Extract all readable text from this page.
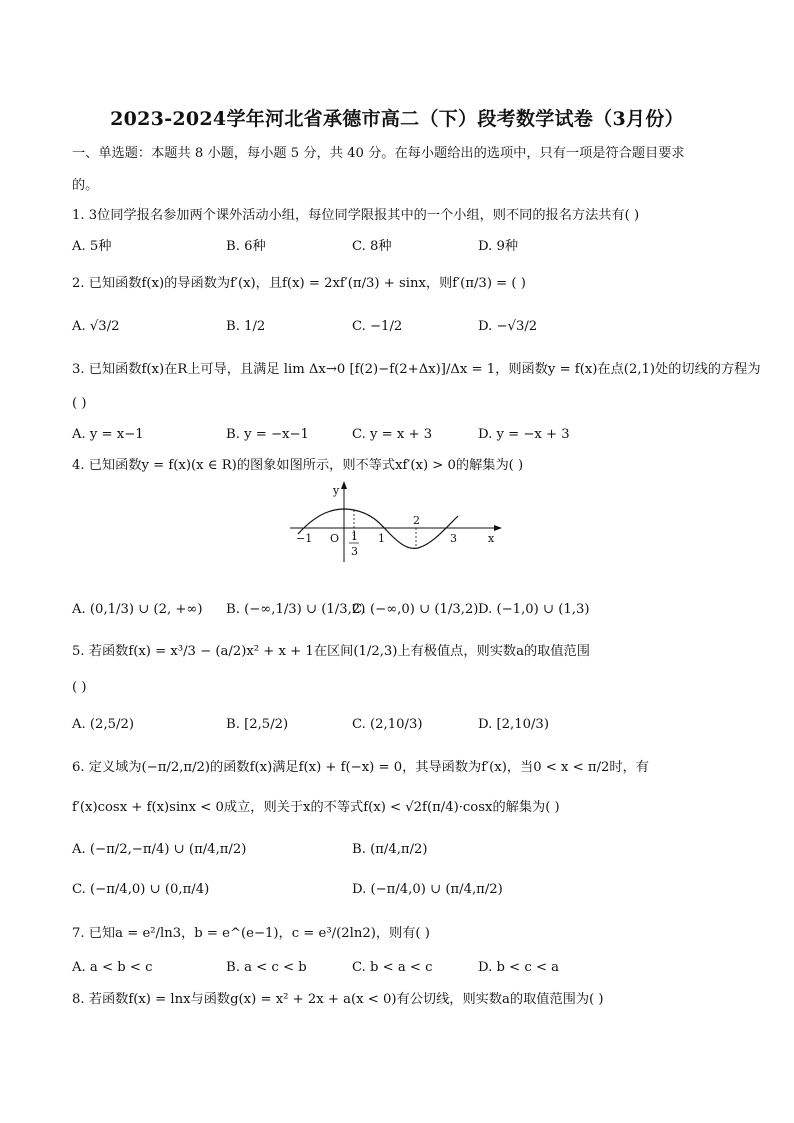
2023-2024学年河北省承德市高二（下）段考数学试卷（3月份）
一、单选题：本题共 8 小题，每小题 5 分，共 40 分。在每小题给出的选项中，只有一项是符合题目要求
的。
1. 3位同学报名参加两个课外活动小组，每位同学限报其中的一个小组，则不同的报名方法共有( )
A. 5种	B. 6种	C. 8种	D. 9种
2. 已知函数f(x)的导函数为f′(x)，且f(x) = 2xf′(π/3) + sinx，则f′(π/3) = ( )
A. √3/2	B. 1/2	C. −1/2	D. −√3/2
3. 已知函数f(x)在R上可导，且满足 lim Δx→0 [f(2)−f(2+Δx)]/Δx = 1，则函数y = f(x)在点(2,1)处的切线的方程为
( )
A. y = x−1	B. y = −x−1	C. y = x + 3	D. y = −x + 3
4. 已知函数y = f(x)(x ∈ R)的图象如图所示，则不等式xf′(x) > 0的解集为( )
y
x
O
−1	1
2
3
1
3
A. (0,1/3) ∪ (2, +∞) B. (−∞,1/3) ∪ (1/3,2)
C. (−∞,0) ∪ (1/3,2) D. (−1,0) ∪ (1,3)
5. 若函数f(x) = x³/3 − (a/2)x² + x + 1在区间(1/2,3)上有极值点，则实数a的取值范围
( )
A. (2,5/2)	B. [2,5/2)	C. (2,10/3)	D. [2,10/3)
6. 定义域为(−π/2,π/2)的函数f(x)满足f(x) + f(−x) = 0，其导函数为f′(x)，当0 < x < π/2时，有
f′(x)cosx + f(x)sinx < 0成立，则关于x的不等式f(x) < √2f(π/4)·cosx的解集为( )
A. (−π/2,−π/4) ∪ (π/4,π/2)	B. (π/4,π/2)
C. (−π/4,0) ∪ (0,π/4)	D. (−π/4,0) ∪ (π/4,π/2)
7. 已知a = e²/ln3，b = e^(e−1)，c = e³/(2ln2)，则有( )
A. a < b < c	B. a < c < b	C. b < a < c	D. b < c < a
8. 若函数f(x) = lnx与函数g(x) = x² + 2x + a(x < 0)有公切线，则实数a的取值范围为( )
